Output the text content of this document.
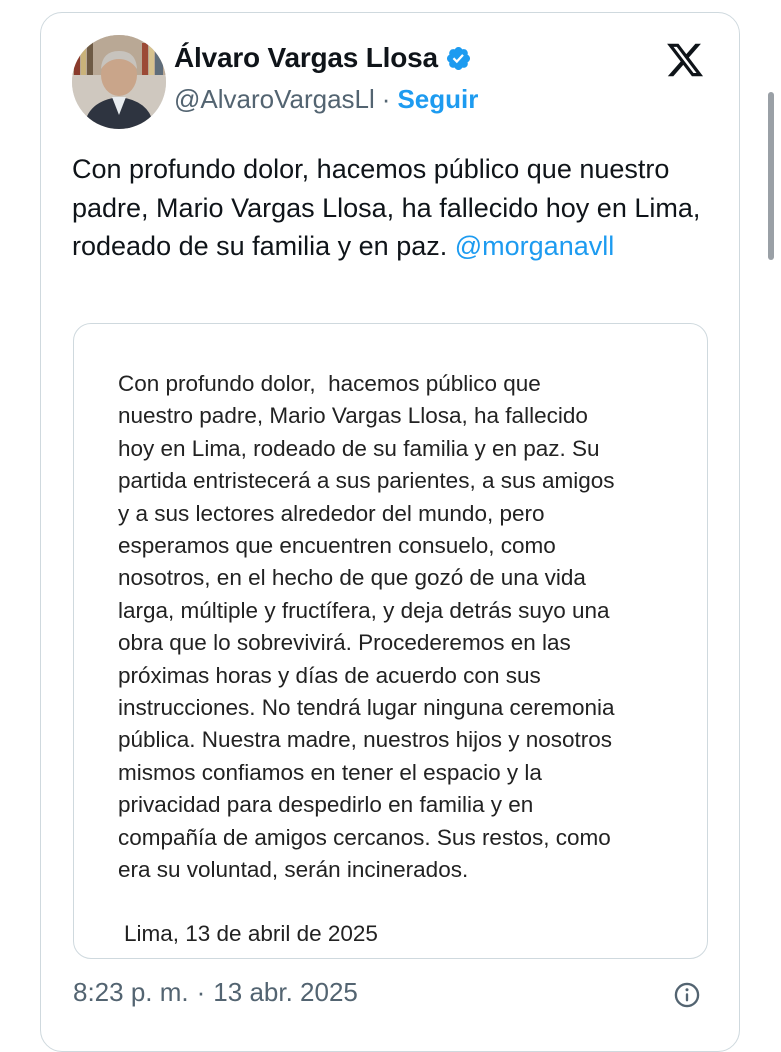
Álvaro Vargas Llosa
@AlvaroVargasLl · Seguir
Con profundo dolor, hacemos público que nuestro padre, Mario Vargas Llosa, ha fallecido hoy en Lima, rodeado de su familia y en paz. @morganavll
Con profundo dolor,  hacemos público que
nuestro padre, Mario Vargas Llosa, ha fallecido
hoy en Lima, rodeado de su familia y en paz. Su
partida entristecerá a sus parientes, a sus amigos
y a sus lectores alrededor del mundo, pero
esperamos que encuentren consuelo, como
nosotros, en el hecho de que gozó de una vida
larga, múltiple y fructífera, y deja detrás suyo una
obra que lo sobrevivirá. Procederemos en las
próximas horas y días de acuerdo con sus
instrucciones. No tendrá lugar ninguna ceremonia
pública. Nuestra madre, nuestros hijos y nosotros
mismos confiamos en tener el espacio y la
privacidad para despedirlo en familia y en
compañía de amigos cercanos. Sus restos, como
era su voluntad, serán incinerados.
Lima, 13 de abril de 2025
8:23 p. m. · 13 abr. 2025
